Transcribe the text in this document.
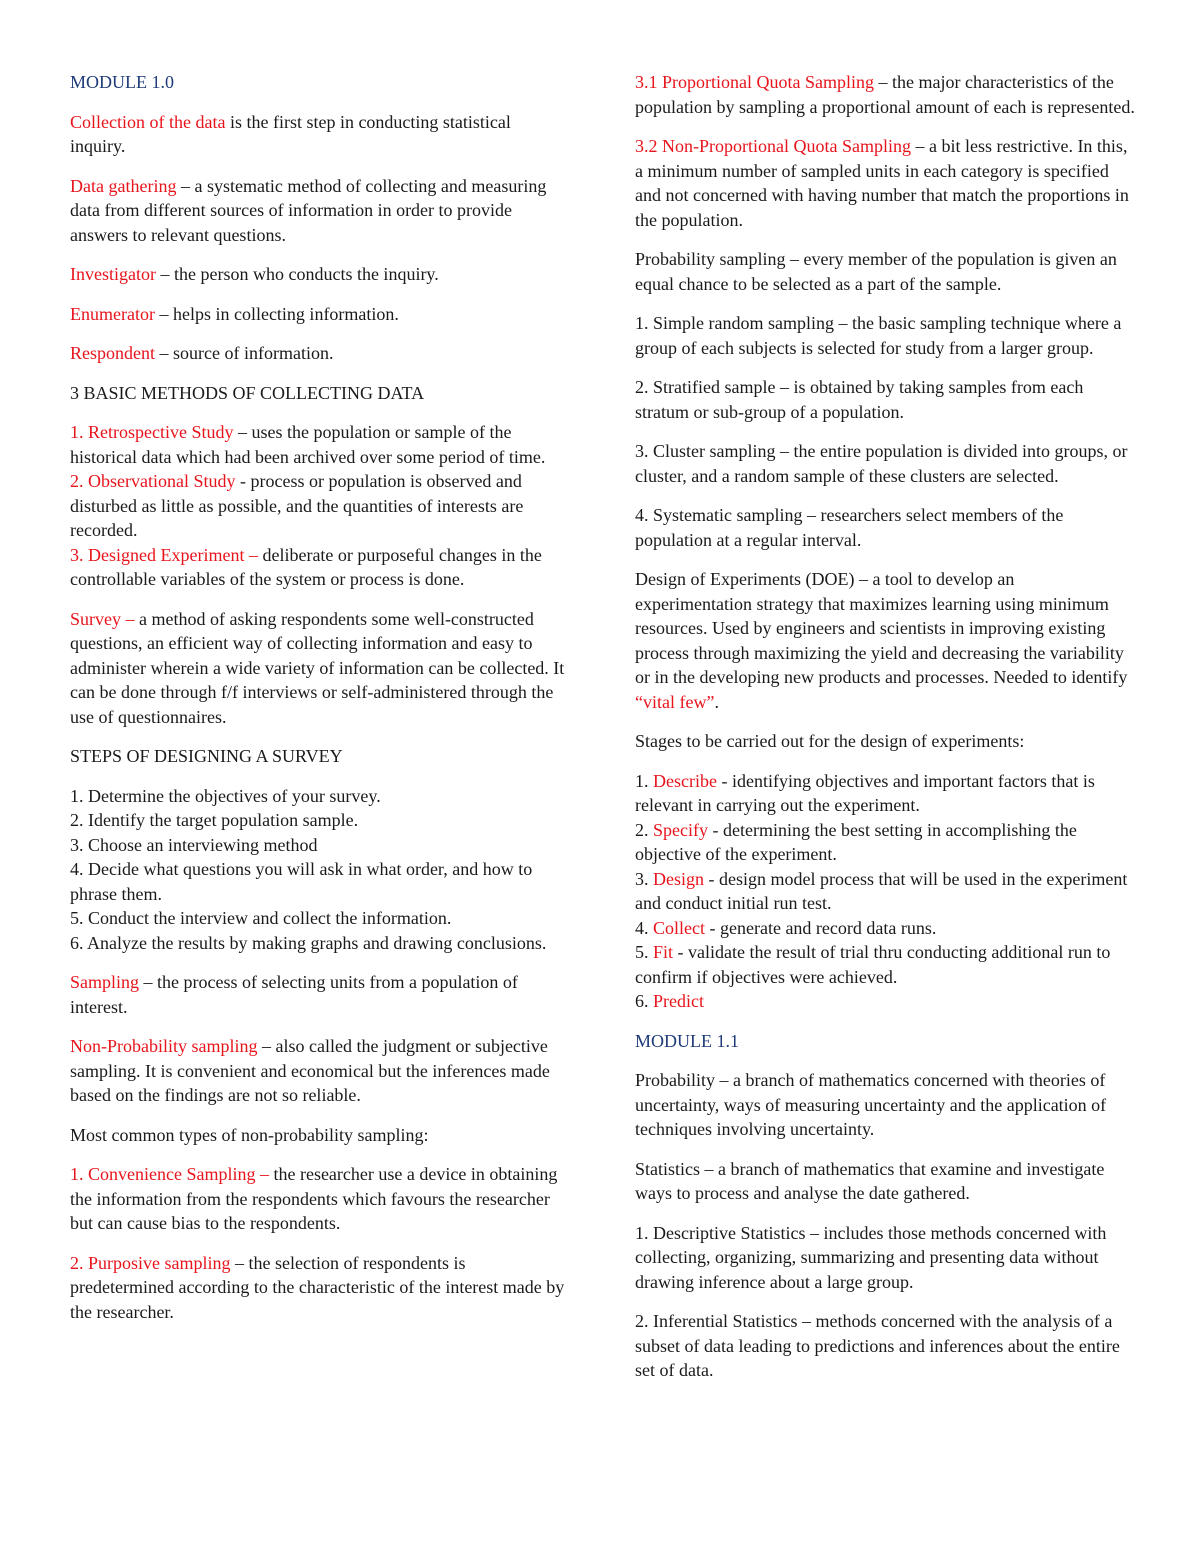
MODULE 1.0

Collection of the data is the first step in conducting statistical inquiry.

Data gathering – a systematic method of collecting and measuring data from different sources of information in order to provide answers to relevant questions.

Investigator – the person who conducts the inquiry.

Enumerator – helps in collecting information.

Respondent – source of information.

3 BASIC METHODS OF COLLECTING DATA

1. Retrospective Study – uses the population or sample of the historical data which had been archived over some period of time.

2. Observational Study - process or population is observed and disturbed as little as possible, and the quantities of interests are recorded.

3. Designed Experiment – deliberate or purposeful changes in the controllable variables of the system or process is done.

Survey – a method of asking respondents some well-constructed questions, an efficient way of collecting information and easy to administer wherein a wide variety of information can be collected. It can be done through f/f interviews or self-administered through the use of questionnaires.

STEPS OF DESIGNING A SURVEY

1. Determine the objectives of your survey.

2. Identify the target population sample.

3. Choose an interviewing method

4. Decide what questions you will ask in what order, and how to phrase them.

5. Conduct the interview and collect the information.

6. Analyze the results by making graphs and drawing conclusions.

Sampling – the process of selecting units from a population of interest.

Non-Probability sampling – also called the judgment or subjective sampling. It is convenient and economical but the inferences made based on the findings are not so reliable.

Most common types of non-probability sampling:

1. Convenience Sampling – the researcher use a device in obtaining the information from the respondents which favours the researcher but can cause bias to the respondents.

2. Purposive sampling – the selection of respondents is predetermined according to the characteristic of the interest made by the researcher.

3.1 Proportional Quota Sampling – the major characteristics of the population by sampling a proportional amount of each is represented.

3.2 Non-Proportional Quota Sampling – a bit less restrictive. In this, a minimum number of sampled units in each category is specified and not concerned with having number that match the proportions in the population.

Probability sampling – every member of the population is given an equal chance to be selected as a part of the sample.

1. Simple random sampling – the basic sampling technique where a group of each subjects is selected for study from a larger group.

2. Stratified sample – is obtained by taking samples from each stratum or sub-group of a population.

3. Cluster sampling – the entire population is divided into groups, or cluster, and a random sample of these clusters are selected.

4. Systematic sampling – researchers select members of the population at a regular interval.

Design of Experiments (DOE) – a tool to develop an experimentation strategy that maximizes learning using minimum resources. Used by engineers and scientists in improving existing process through maximizing the yield and decreasing the variability or in the developing new products and processes. Needed to identify “vital few”.

Stages to be carried out for the design of experiments:

1. Describe - identifying objectives and important factors that is relevant in carrying out the experiment.

2. Specify - determining the best setting in accomplishing the objective of the experiment.

3. Design - design model process that will be used in the experiment and conduct initial run test.

4. Collect - generate and record data runs.

5. Fit - validate the result of trial thru conducting additional run to confirm if objectives were achieved.

6. Predict

MODULE 1.1

Probability – a branch of mathematics concerned with theories of uncertainty, ways of measuring uncertainty and the application of techniques involving uncertainty.

Statistics – a branch of mathematics that examine and investigate ways to process and analyse the date gathered.

1. Descriptive Statistics – includes those methods concerned with collecting, organizing, summarizing and presenting data without drawing inference about a large group.

2. Inferential Statistics – methods concerned with the analysis of a subset of data leading to predictions and inferences about the entire set of data.
